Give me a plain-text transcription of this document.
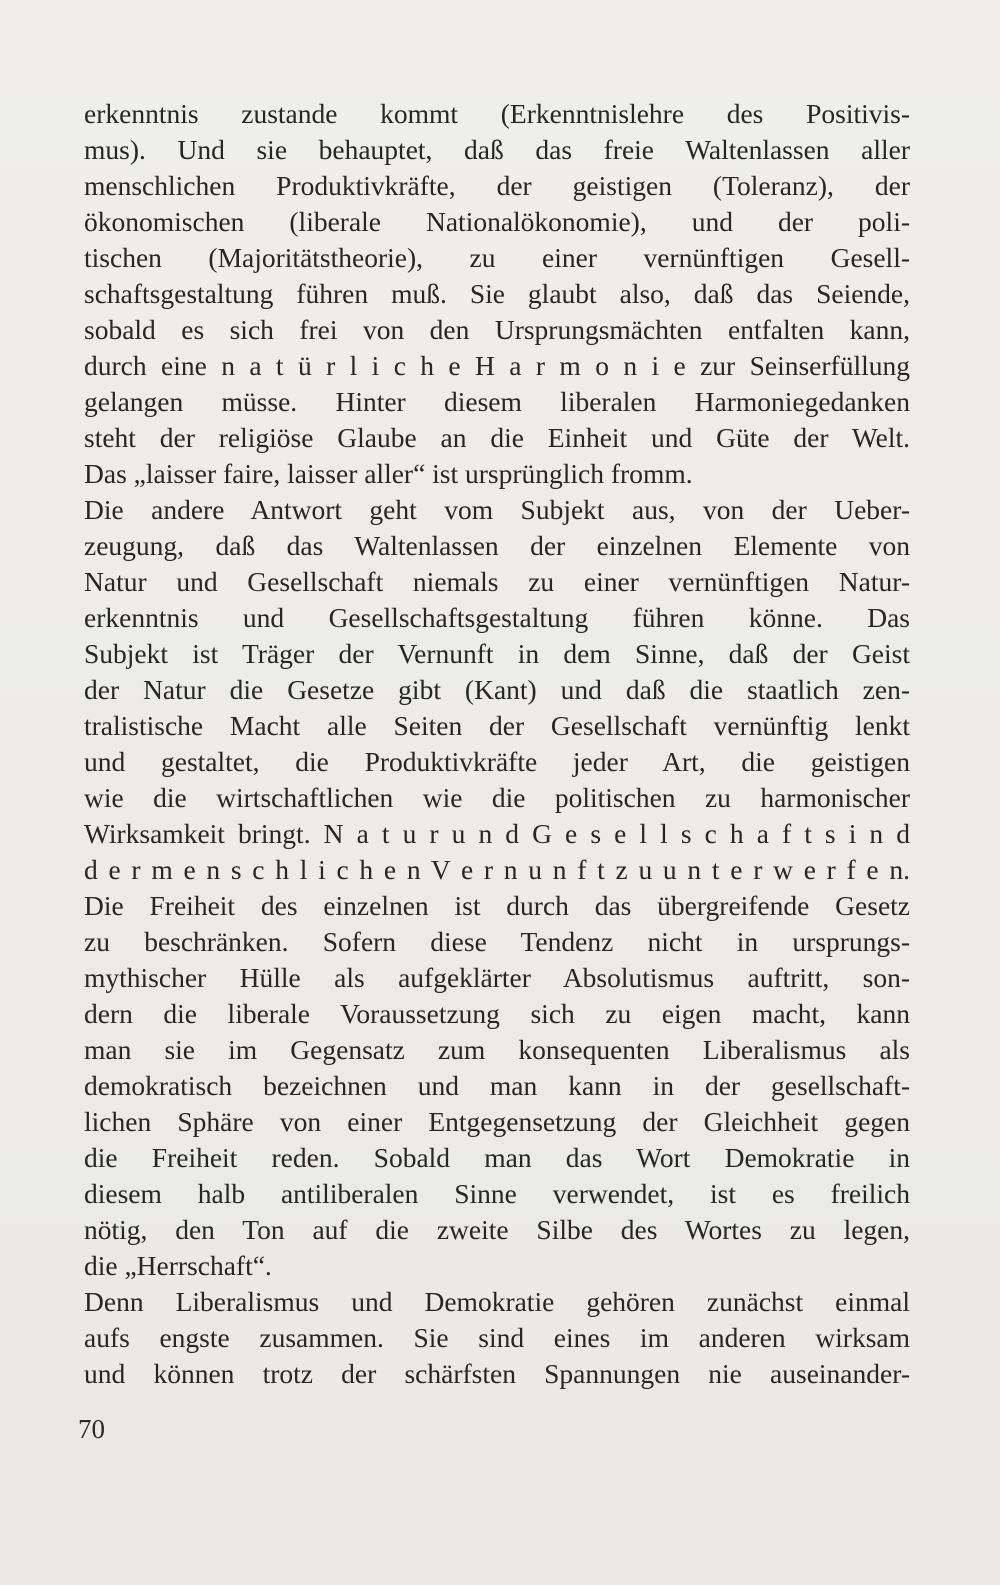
erkenntnis zustande kommt (Erkenntnislehre des Positivis-
mus). Und sie behauptet, daß das freie Waltenlassen aller
menschlichen Produktivkräfte, der geistigen (Toleranz), der
ökonomischen (liberale Nationalökonomie), und der poli-
tischen (Majoritätstheorie), zu einer vernünftigen Gesell-
schaftsgestaltung führen muß. Sie glaubt also, daß das Seiende,
sobald es sich frei von den Ursprungsmächten entfalten kann,
durch eine n a t ü r l i c h e H a r m o n i e zur Seinserfüllung
gelangen müsse. Hinter diesem liberalen Harmoniegedanken
steht der religiöse Glaube an die Einheit und Güte der Welt.
Das „laisser faire, laisser aller“ ist ursprünglich fromm.
Die andere Antwort geht vom Subjekt aus, von der Ueber-
zeugung, daß das Waltenlassen der einzelnen Elemente von
Natur und Gesellschaft niemals zu einer vernünftigen Natur-
erkenntnis und Gesellschaftsgestaltung führen könne. Das
Subjekt ist Träger der Vernunft in dem Sinne, daß der Geist
der Natur die Gesetze gibt (Kant) und daß die staatlich zen-
tralistische Macht alle Seiten der Gesellschaft vernünftig lenkt
und gestaltet, die Produktivkräfte jeder Art, die geistigen
wie die wirtschaftlichen wie die politischen zu harmonischer
Wirksamkeit bringt. N a t u r u n d G e s e l l s c h a f t s i n d
d e r m e n s c h l i c h e n V e r n u n f t z u u n t e r w e r f e n.
Die Freiheit des einzelnen ist durch das übergreifende Gesetz
zu beschränken. Sofern diese Tendenz nicht in ursprungs-
mythischer Hülle als aufgeklärter Absolutismus auftritt, son-
dern die liberale Voraussetzung sich zu eigen macht, kann
man sie im Gegensatz zum konsequenten Liberalismus als
demokratisch bezeichnen und man kann in der gesellschaft-
lichen Sphäre von einer Entgegensetzung der Gleichheit gegen
die Freiheit reden. Sobald man das Wort Demokratie in
diesem halb antiliberalen Sinne verwendet, ist es freilich
nötig, den Ton auf die zweite Silbe des Wortes zu legen,
die „Herrschaft“.
Denn Liberalismus und Demokratie gehören zunächst einmal
aufs engste zusammen. Sie sind eines im anderen wirksam
und können trotz der schärfsten Spannungen nie auseinander-
70
